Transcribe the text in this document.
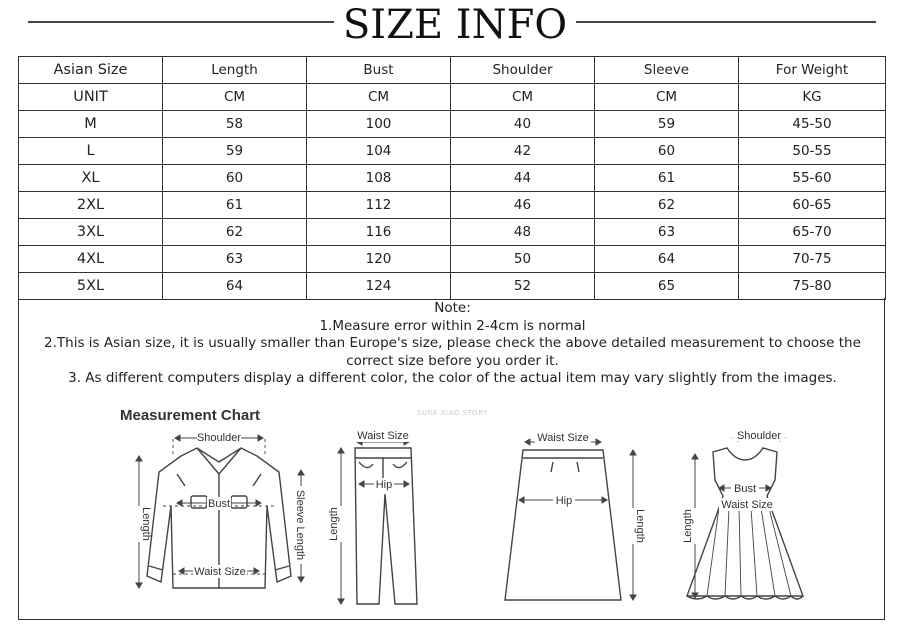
SIZE INFO
Asian Size	Length	Bust	Shoulder	Sleeve	For Weight
UNIT	CM	CM	CM	CM	KG
M	58	100	40	59	45-50
L	59	104	42	60	50-55
XL	60	108	44	61	55-60
2XL	61	112	46	62	60-65
3XL	62	116	48	63	65-70
4XL	63	120	50	64	70-75
5XL	64	124	52	65	75-80
Note:
1.Measure error within 2-4cm is normal
2.This is Asian size, it is usually smaller than Europe's size, please check the above detailed measurement to choose the correct size before you order it.
3. As different computers display a different color, the color of the actual item may vary slightly from the images.
Measurement Chart	SURE XIAO STORY
Shoulder
Bust
Waist Size
Length	Sleeve Length
Waist Size
Hip
Length
Waist Size
Hip
Length
Shoulder
Bust
Waist Size
Length
